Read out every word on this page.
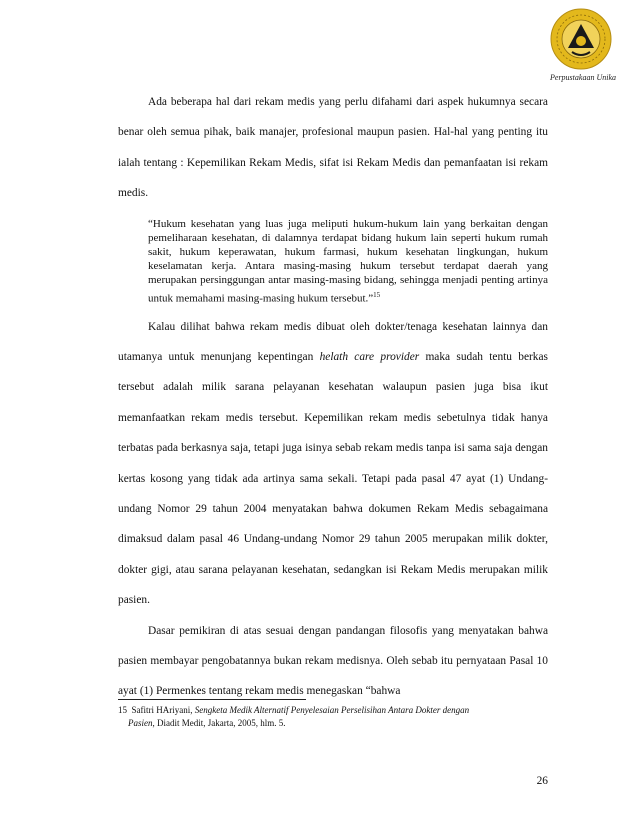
Perpustakaan Unika

Ada beberapa hal dari rekam medis yang perlu difahami dari aspek hukumnya secara benar oleh semua pihak, baik manajer, profesional maupun pasien. Hal-hal yang penting itu ialah tentang : Kepemilikan Rekam Medis, sifat isi Rekam Medis dan pemanfaatan isi rekam medis.

“Hukum kesehatan yang luas juga meliputi hukum-hukum lain yang berkaitan dengan pemeliharaan kesehatan, di dalamnya terdapat bidang hukum lain seperti hukum rumah sakit, hukum keperawatan, hukum farmasi, hukum kesehatan lingkungan, hukum keselamatan kerja. Antara masing-masing hukum tersebut terdapat daerah yang merupakan persinggungan antar masing-masing bidang, sehingga menjadi penting artinya untuk memahami masing-masing hukum tersebut.”$^{15}$

Kalau dilihat bahwa rekam medis dibuat oleh dokter/tenaga kesehatan lainnya dan utamanya untuk menunjang kepentingan helath care provider maka sudah tentu berkas tersebut adalah milik sarana pelayanan kesehatan walaupun pasien juga bisa ikut memanfaatkan rekam medis tersebut. Kepemilikan rekam medis sebetulnya tidak hanya terbatas pada berkasnya saja, tetapi juga isinya sebab rekam medis tanpa isi sama saja dengan kertas kosong yang tidak ada artinya sama sekali. Tetapi pada pasal 47 ayat (1) Undang-undang Nomor 29 tahun 2004 menyatakan bahwa dokumen Rekam Medis sebagaimana dimaksud dalam pasal 46 Undang-undang Nomor 29 tahun 2005 merupakan milik dokter, dokter gigi, atau sarana pelayanan kesehatan, sedangkan isi Rekam Medis merupakan milik pasien.

Dasar pemikiran di atas sesuai dengan pandangan filosofis yang menyatakan bahwa pasien membayar pengobatannya bukan rekam medisnya. Oleh sebab itu pernyataan Pasal 10 ayat (1) Permenkes tentang rekam medis menegaskan “bahwa

15 Safitri HAriyani, Sengketa Medik Alternatif Penyelesaian Perselisihan Antara Dokter dengan
Pasien, Diadit Medit, Jakarta, 2005, hlm. 5.
26
